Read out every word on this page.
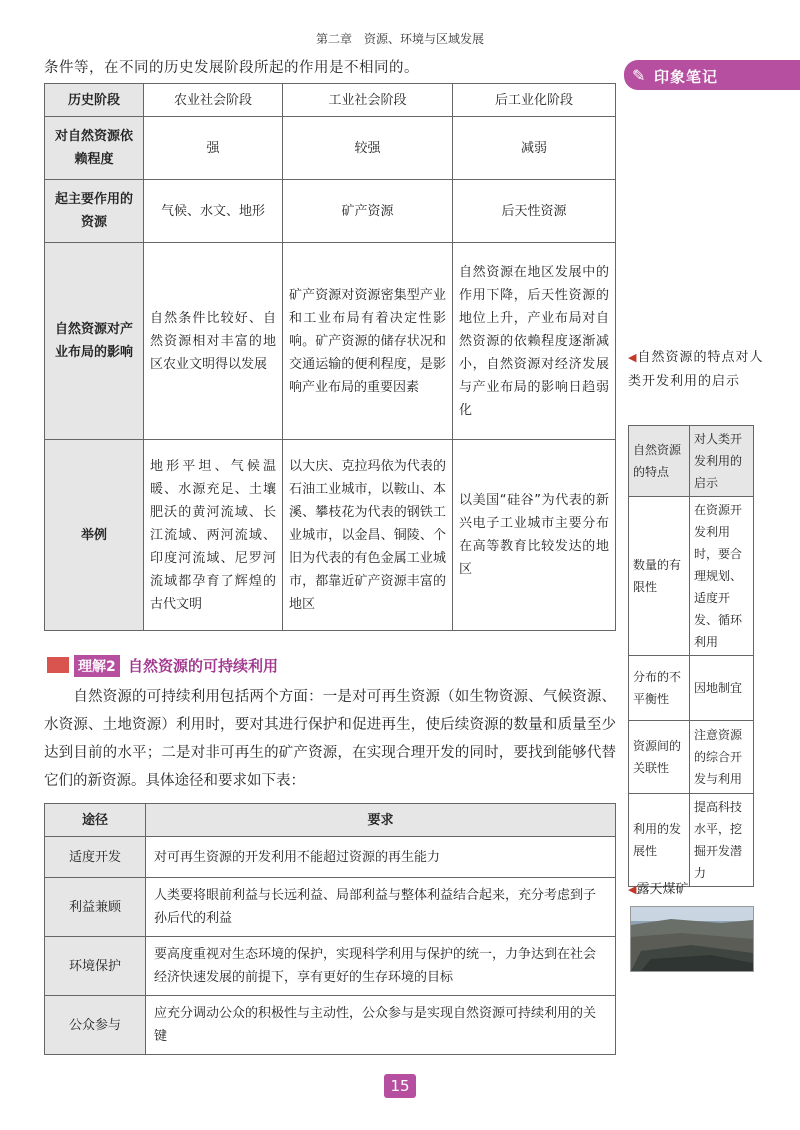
第二章　资源、环境与区域发展
条件等，在不同的历史发展阶段所起的作用是不相同的。	✎ 印象笔记
历史阶段	农业社会阶段	工业社会阶段	后工业化阶段
对自然资源依赖程度	强	较强	减弱
起主要作用的资源	气候、水文、地形	矿产资源	后天性资源
自然资源对产业布局的影响	自然条件比较好、自然资源相对丰富的地区农业文明得以发展	矿产资源对资源密集型产业和工业布局有着决定性影响。矿产资源的储存状况和交通运输的便利程度，是影响产业布局的重要因素	自然资源在地区发展中的作用下降，后天性资源的地位上升，产业布局对自然资源的依赖程度逐渐减小，自然资源对经济发展与产业布局的影响日趋弱化
举例	地形平坦、气候温暖、水源充足、土壤肥沃的黄河流域、长江流域、两河流域、印度河流域、尼罗河流域都孕育了辉煌的古代文明	以大庆、克拉玛依为代表的石油工业城市，以鞍山、本溪、攀枝花为代表的钢铁工业城市，以金昌、铜陵、个旧为代表的有色金属工业城市，都靠近矿产资源丰富的地区	以美国“硅谷”为代表的新兴电子工业城市主要分布在高等教育比较发达的地区
理解2 自然资源的可持续利用
　　自然资源的可持续利用包括两个方面：一是对可再生资源（如生物资源、气候资源、水资源、土地资源）利用时，要对其进行保护和促进再生，使后续资源的数量和质量至少达到目前的水平；二是对非可再生的矿产资源，在实现合理开发的同时，要找到能够代替它们的新资源。具体途径和要求如下表：
途径	要求
适度开发	对可再生资源的开发利用不能超过资源的再生能力
利益兼顾	人类要将眼前利益与长远利益、局部利益与整体利益结合起来，充分考虑到子孙后代的利益
环境保护	要高度重视对生态环境的保护，实现科学利用与保护的统一，力争达到在社会经济快速发展的前提下，享有更好的生存环境的目标
公众参与	应充分调动公众的积极性与主动性，公众参与是实现自然资源可持续利用的关键
◀自然资源的特点对人类开发利用的启示
自然资源的特点	对人类开发利用的启示
数量的有限性	在资源开发利用时，要合理规划、适度开发、循环利用
分布的不平衡性	因地制宜
资源间的关联性	注意资源的综合开发与利用
利用的发展性	提高科技水平，挖掘开发潜力
◀露天煤矿
15
